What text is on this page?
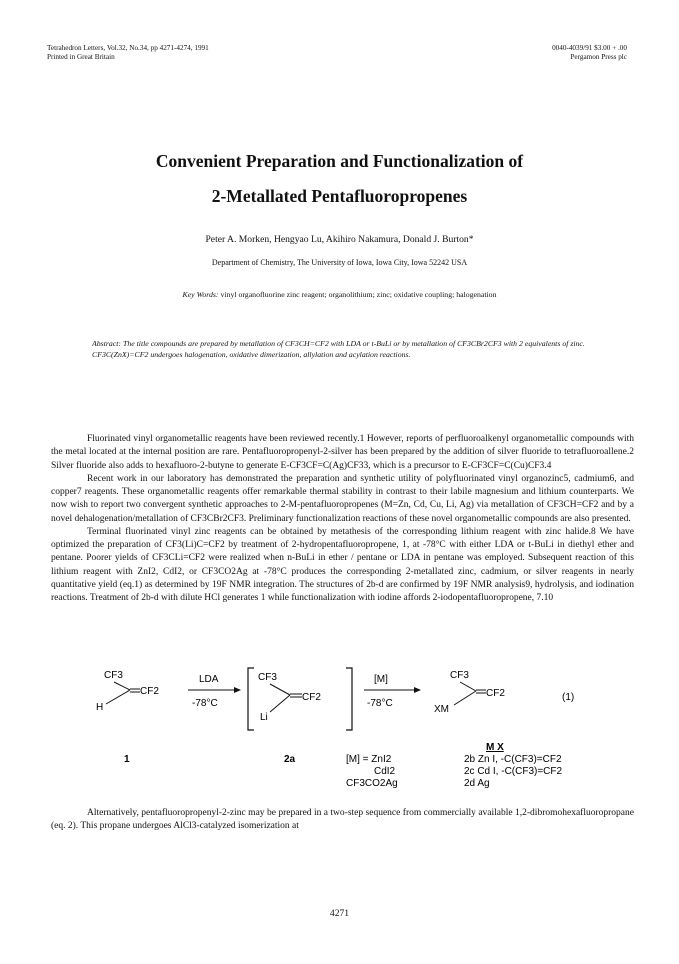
Tetrahedron Letters, Vol.32, No.34, pp 4271-4274, 1991
Printed in Great Britain
0040-4039/91 $3.00 + .00
Pergamon Press plc
Convenient Preparation and Functionalization of
2-Metallated Pentafluoropropenes
Peter A. Morken, Hengyao Lu, Akihiro Nakamura, Donald J. Burton*
Department of Chemistry, The University of Iowa, Iowa City, Iowa 52242 USA
Key Words: vinyl organofluorine zinc reagent; organolithium; zinc; oxidative coupling; halogenation
Abstract: The title compounds are prepared by metallation of CF3CH=CF2 with LDA or t-BuLi or by metallation of CF3CBr2CF3 with 2 equivalents of zinc. CF3C(ZnX)=CF2 undergoes halogenation, oxidative dimerization, allylation and acylation reactions.

Fluorinated vinyl organometallic reagents have been reviewed recently.1 However, reports of perfluoroalkenyl organometallic compounds with the metal located at the internal position are rare. Pentafluoropropenyl-2-silver has been prepared by the addition of silver fluoride to tetrafluoroallene.2 Silver fluoride also adds to hexafluoro-2-butyne to generate E-CF3CF=C(Ag)CF33, which is a precursor to E-CF3CF=C(Cu)CF3.4

Recent work in our laboratory has demonstrated the preparation and synthetic utility of polyfluorinated vinyl organozinc5, cadmium6, and copper7 reagents. These organometallic reagents offer remarkable thermal stability in contrast to their labile magnesium and lithium counterparts. We now wish to report two convergent synthetic approaches to 2-M-pentafluoropropenes (M=Zn, Cd, Cu, Li, Ag) via metallation of CF3CH=CF2 and by a novel dehalogenation/metallation of CF3CBr2CF3. Preliminary functionalization reactions of these novel organometallic compounds are also presented.

Terminal fluorinated vinyl zinc reagents can be obtained by metathesis of the corresponding lithium reagent with zinc halide.8 We have optimized the preparation of CF3(Li)C=CF2 by treatment of 2-hydropentafluoropropene, 1, at -78°C with either LDA or t-BuLi in diethyl ether and pentane. Poorer yields of CF3CLi=CF2 were realized when n-BuLi in ether / pentane or LDA in pentane was employed. Subsequent reaction of this lithium reagent with ZnI2, CdI2, or CF3CO2Ag at -78°C produces the corresponding 2-metallated zinc, cadmium, or silver reagents in nearly quantitative yield (eq.1) as determined by 19F NMR integration. The structures of 2b-d are confirmed by 19F NMR analysis9, hydrolysis, and iodination reactions. Treatment of 2b-d with dilute HCl generates 1 while functionalization with iodine affords 2-iodopentafluoropropene, 7.10

CF3
H
CF2
1
LDA
-78°C
CF3
Li
CF2
2a
[M]
-78°C
CF3
XM
CF2	(1)
[M] = ZnI2
CdI2
CF3CO2Ag
M X
2b Zn I, -C(CF3)=CF2
2c Cd I, -C(CF3)=CF2
2d Ag

Alternatively, pentafluoropropenyl-2-zinc may be prepared in a two-step sequence from commercially available 1,2-dibromohexafluoropropane (eq. 2). This propane undergoes AlCl3-catalyzed isomerization at

4271
